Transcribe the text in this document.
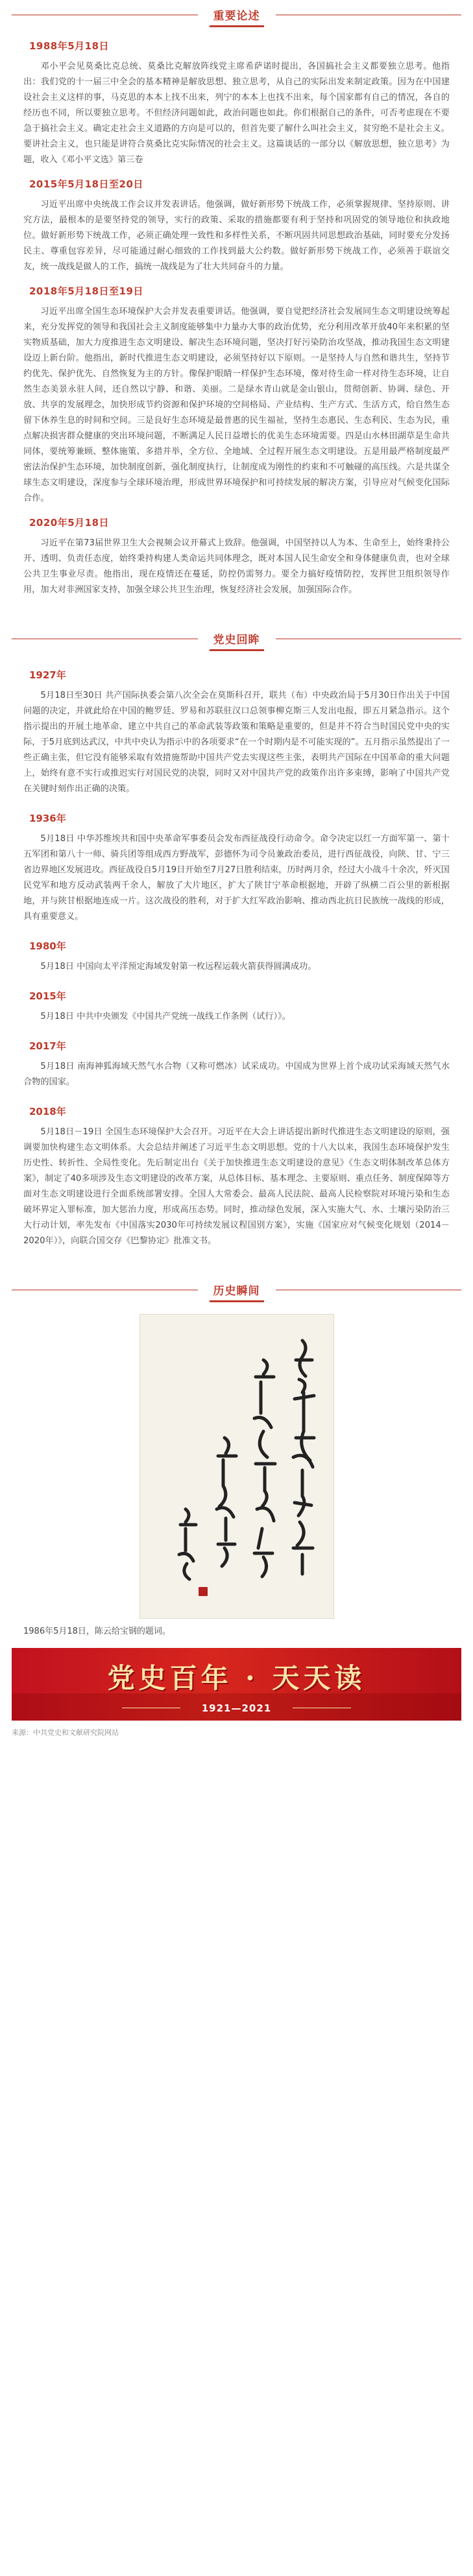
重要论述
1988年5月18日

邓小平会见莫桑比克总统、莫桑比克解放阵线党主席希萨诺时提出，各国搞社会主义都要独立思考。他指出：我们党的十一届三中全会的基本精神是解放思想、独立思考，从自己的实际出发来制定政策。因为在中国建设社会主义这样的事，马克思的本本上找不出来，列宁的本本上也找不出来，每个国家都有自己的情况，各自的经历也不同，所以要独立思考。不但经济问题如此，政治问题也如此。你们根据自己的条件，可否考虑现在不要急于搞社会主义。确定走社会主义道路的方向是可以的，但首先要了解什么叫社会主义，贫穷绝不是社会主义。要讲社会主义，也只能是讲符合莫桑比克实际情况的社会主义。这篇谈话的一部分以《解放思想，独立思考》为题，收入《邓小平文选》第三卷

2015年5月18日至20日

习近平出席中央统战工作会议并发表讲话。他强调，做好新形势下统战工作，必须掌握规律、坚持原则、讲究方法，最根本的是要坚持党的领导，实行的政策、采取的措施都要有利于坚持和巩固党的领导地位和执政地位。做好新形势下统战工作，必须正确处理一致性和多样性关系，不断巩固共同思想政治基础，同时要充分发扬民主、尊重包容差异，尽可能通过耐心细致的工作找到最大公约数。做好新形势下统战工作，必须善于联谊交友，统一战线是做人的工作，搞统一战线是为了壮大共同奋斗的力量。

2018年5月18日至19日

习近平出席全国生态环境保护大会并发表重要讲话。他强调，要自觉把经济社会发展同生态文明建设统筹起来，充分发挥党的领导和我国社会主义制度能够集中力量办大事的政治优势，充分利用改革开放40年来积累的坚实物质基础，加大力度推进生态文明建设、解决生态环境问题，坚决打好污染防治攻坚战，推动我国生态文明建设迈上新台阶。他指出，新时代推进生态文明建设，必须坚持好以下原则。一是坚持人与自然和谐共生，坚持节约优先、保护优先、自然恢复为主的方针。像保护眼睛一样保护生态环境，像对待生命一样对待生态环境，让自然生态美景永驻人间，还自然以宁静、和谐、美丽。二是绿水青山就是金山银山，贯彻创新、协调、绿色、开放、共享的发展理念，加快形成节约资源和保护环境的空间格局、产业结构、生产方式、生活方式，给自然生态留下休养生息的时间和空间。三是良好生态环境是最普惠的民生福祉，坚持生态惠民、生态利民、生态为民，重点解决损害群众健康的突出环境问题，不断满足人民日益增长的优美生态环境需要。四是山水林田湖草是生命共同体，要统筹兼顾、整体施策、多措并举，全方位、全地域、全过程开展生态文明建设。五是用最严格制度最严密法治保护生态环境，加快制度创新，强化制度执行，让制度成为刚性的约束和不可触碰的高压线。六是共谋全球生态文明建设，深度参与全球环境治理，形成世界环境保护和可持续发展的解决方案，引导应对气候变化国际合作。

2020年5月18日

习近平在第73届世界卫生大会视频会议开幕式上致辞。他强调，中国坚持以人为本、生命至上，始终秉持公开、透明、负责任态度，始终秉持构建人类命运共同体理念，既对本国人民生命安全和身体健康负责，也对全球公共卫生事业尽责。他指出，现在疫情还在蔓延，防控仍需努力。要全力搞好疫情防控，发挥世卫组织领导作用，加大对非洲国家支持，加强全球公共卫生治理，恢复经济社会发展，加强国际合作。

党史回眸
1927年

5月18日至30日 共产国际执委会第八次全会在莫斯科召开，联共（布）中央政治局于5月30日作出关于中国问题的决定，并就此给在中国的鲍罗廷、罗易和苏联驻汉口总领事柳克斯三人发出电报，即五月紧急指示。这个指示提出的开展土地革命、建立中共自己的革命武装等政策和策略是重要的，但是并不符合当时国民党中央的实际，于5月底到达武汉，中共中央认为指示中的各项要求“在一个时期内是不可能实现的”。五月指示虽然提出了一些正确主张，但它没有能够采取有效措施帮助中国共产党去实现这些主张，表明共产国际在中国革命的重大问题上，始终有意不实行或推迟实行对国民党的决裂，同时又对中国共产党的政策作出许多束缚，影响了中国共产党在关键时刻作出正确的决策。

1936年

5月18日 中华苏维埃共和国中央革命军事委员会发布西征战役行动命令。命令决定以红一方面军第一、第十五军团和第八十一师、骑兵团等组成西方野战军，彭德怀为司令员兼政治委员，进行西征战役，向陕、甘、宁三省边界地区发展进攻。西征战役自5月19日开始至7月27日胜利结束，历时两月余，经过大小战斗十余次，歼灭国民党军和地方反动武装两千余人，解放了大片地区，扩大了陕甘宁革命根据地，开辟了纵横二百公里的新根据地，并与陕甘根据地连成一片。这次战役的胜利，对于扩大红军政治影响、推动西北抗日民族统一战线的形成，具有重要意义。

1980年

5月18日 中国向太平洋预定海域发射第一枚远程运载火箭获得圆满成功。

2015年

5月18日 中共中央颁发《中国共产党统一战线工作条例（试行）》。

2017年

5月18日 南海神狐海域天然气水合物（又称可燃冰）试采成功。中国成为世界上首个成功试采海域天然气水合物的国家。

2018年

5月18日－19日 全国生态环境保护大会召开。习近平在大会上讲话提出新时代推进生态文明建设的原则，强调要加快构建生态文明体系。大会总结并阐述了习近平生态文明思想。党的十八大以来，我国生态环境保护发生历史性、转折性、全局性变化。先后制定出台《关于加快推进生态文明建设的意见》《生态文明体制改革总体方案》，制定了40多项涉及生态文明建设的改革方案，从总体目标、基本理念、主要原则、重点任务、制度保障等方面对生态文明建设进行全面系统部署安排。全国人大常委会、最高人民法院、最高人民检察院对环境污染和生态破坏界定入罪标准，加大惩治力度，形成高压态势。同时，推动绿色发展，深入实施大气、水、土壤污染防治三大行动计划，率先发布《中国落实2030年可持续发展议程国别方案》，实施《国家应对气候变化规划（2014－2020年）》，向联合国交存《巴黎协定》批准文书。

历史瞬间
1986年5月18日，陈云给宝钢的题词。
党史百年 · 天天读
1921—2021
来源：中共党史和文献研究院网站
